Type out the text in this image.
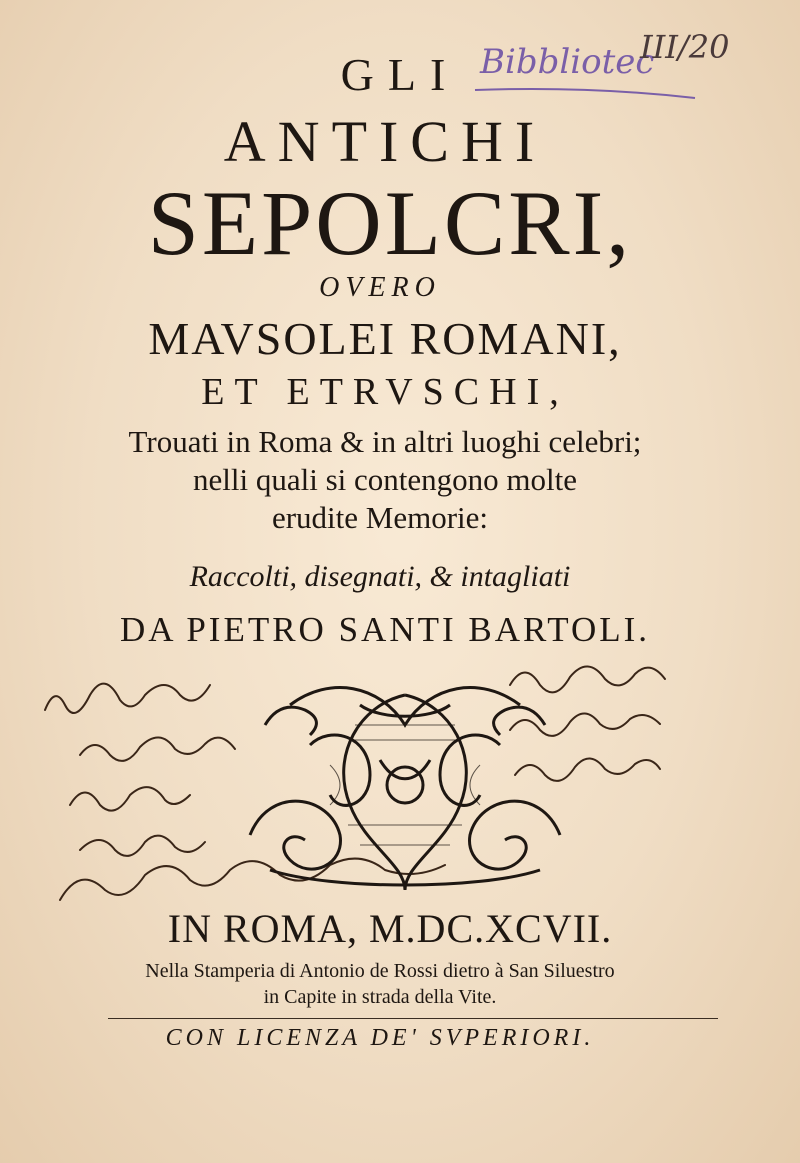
Bibbliotec
III/20
GLI
ANTICHI
SEPOLCRI,
OVERO
MAVSOLEI ROMANI,
ET ETRVSCHI,
Trouati in Roma & in altri luoghi celebri;
nelli quali si contengono molte
erudite Memorie:
Raccolti, disegnati, & intagliati
DA PIETRO SANTI BARTOLI.
IN ROMA, M.DC.XCVII.
Nella Stamperia di Antonio de Rossi dietro à San Siluestro
in Capite in strada della Vite.
CON LICENZA DE' SVPERIORI.
